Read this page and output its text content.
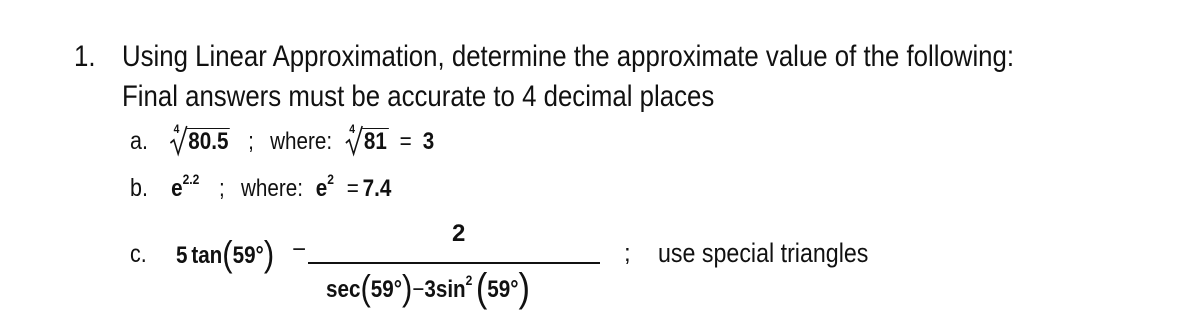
1. Using Linear Approximation, determine the approximate value of the following:
Final answers must be accurate to 4 decimal places
a. 4 80.5 ; where: 4 81 = 3
b. e2.2 ; where: e2 = 7.4
c. 5 tan(59°) −
2
sec(59°)−3sin2(59°)
; use special triangles
